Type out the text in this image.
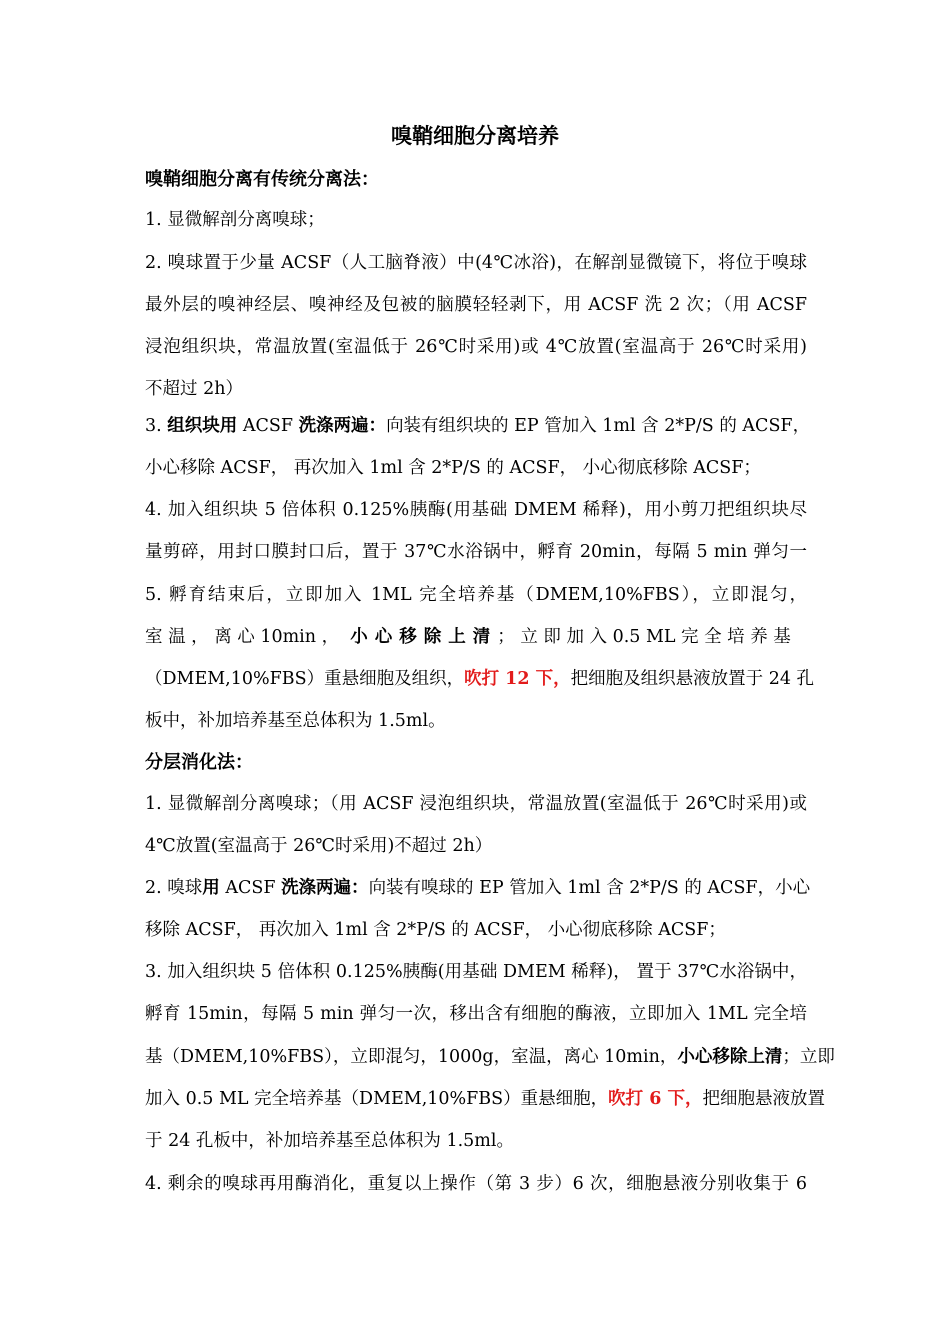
嗅鞘细胞分离培养
嗅鞘细胞分离有传统分离法：
1. 显微解剖分离嗅球；
2. 嗅球置于少量 ACSF（人工脑脊液）中(4℃冰浴)，在解剖显微镜下，将位于嗅球
最外层的嗅神经层、嗅神经及包被的脑膜轻轻剥下，用 ACSF 洗 2 次；（用 ACSF
浸泡组织块，常温放置(室温低于 26℃时采用)或 4℃放置(室温高于 26℃时采用)
不超过 2h）
3. 组织块用 ACSF 洗涤两遍：向装有组织块的 EP 管加入 1ml 含 2*P/S 的 ACSF，
小心移除 ACSF， 再次加入 1ml 含 2*P/S 的 ACSF， 小心彻底移除 ACSF；
4. 加入组织块 5 倍体积 0.125%胰酶(用基础 DMEM 稀释)，用小剪刀把组织块尽
量剪碎，用封口膜封口后，置于 37℃水浴锅中，孵育 20min，每隔 5 min 弹匀一
5. 孵育结束后，立即加入 1ML 完全培养基（DMEM,10%FBS），立即混匀，
室 温 ， 离 心 10min ， 小心移除上清； 立 即 加 入 0.5 ML 完 全 培 养 基
（DMEM,10%FBS）重悬细胞及组织，吹打 12 下，把细胞及组织悬液放置于 24 孔
板中，补加培养基至总体积为 1.5ml。
分层消化法：
1. 显微解剖分离嗅球；（用 ACSF 浸泡组织块，常温放置(室温低于 26℃时采用)或
4℃放置(室温高于 26℃时采用)不超过 2h）
2. 嗅球用 ACSF 洗涤两遍：向装有嗅球的 EP 管加入 1ml 含 2*P/S 的 ACSF，小心
移除 ACSF， 再次加入 1ml 含 2*P/S 的 ACSF， 小心彻底移除 ACSF；
3. 加入组织块 5 倍体积 0.125%胰酶(用基础 DMEM 稀释)， 置于 37℃水浴锅中，
孵育 15min，每隔 5 min 弹匀一次，移出含有细胞的酶液，立即加入 1ML 完全培
基（DMEM,10%FBS），立即混匀，1000g，室温，离心 10min，小心移除上清；立即
加入 0.5 ML 完全培养基（DMEM,10%FBS）重悬细胞，吹打 6 下，把细胞悬液放置
于 24 孔板中，补加培养基至总体积为 1.5ml。
4. 剩余的嗅球再用酶消化，重复以上操作（第 3 步）6 次，细胞悬液分别收集于 6
